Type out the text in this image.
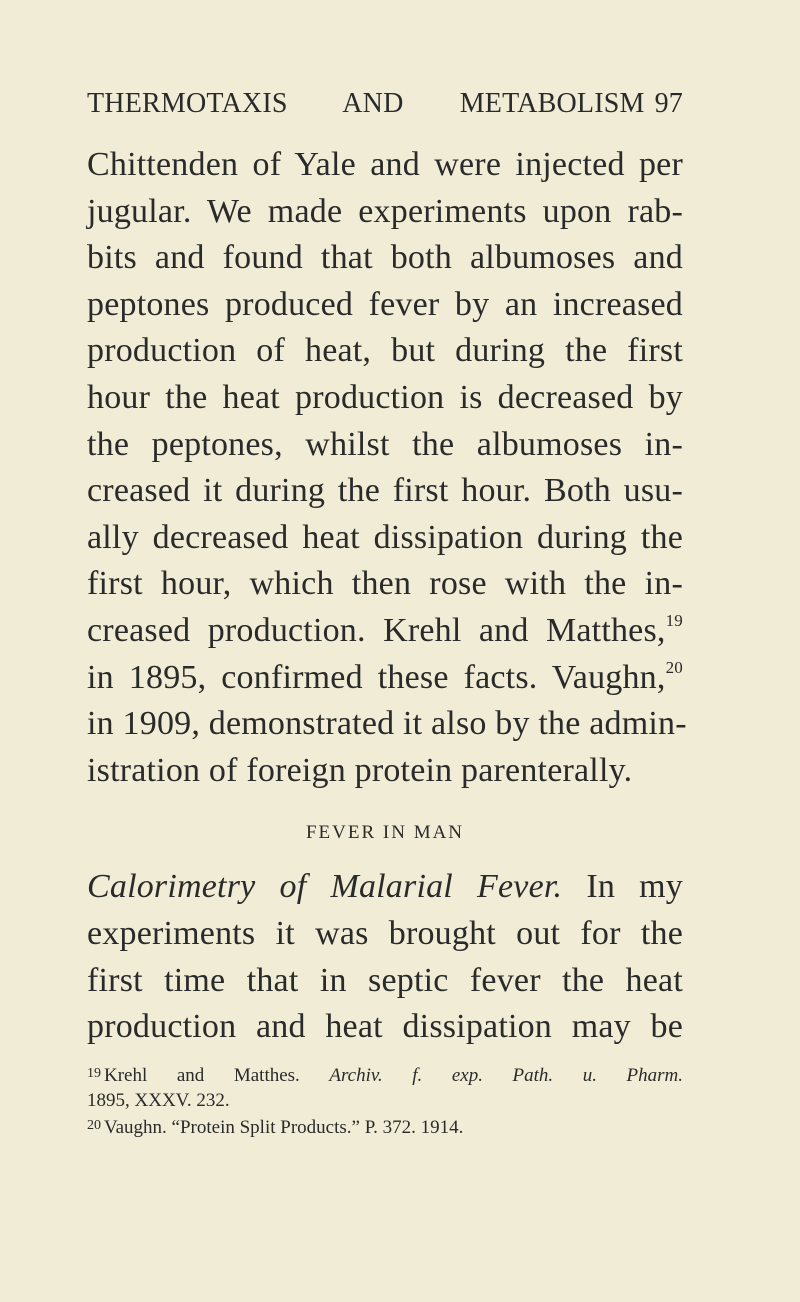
THERMOTAXIS AND METABOLISM 97
Chittenden of Yale and were injected per
jugular. We made experiments upon rab-
bits and found that both albumoses and
peptones produced fever by an increased
production of heat, but during the first
hour the heat production is decreased by
the peptones, whilst the albumoses in-
creased it during the first hour. Both usu-
ally decreased heat dissipation during the
first hour, which then rose with the in-
creased production. Krehl and Matthes,$^{19}$
in 1895, confirmed these facts. Vaughn,$^{20}$
in 1909, demonstrated it also by the admin-
istration of foreign protein parenterally.
FEVER IN MAN
Calorimetry of Malarial Fever. In my
experiments it was brought out for the
first time that in septic fever the heat
production and heat dissipation may be
$^{19}$ Krehl and Matthes. Archiv. f. exp. Path. u. Pharm.
1895, XXXV. 232.
$^{20}$ Vaughn. “Protein Split Products.” P. 372. 1914.
